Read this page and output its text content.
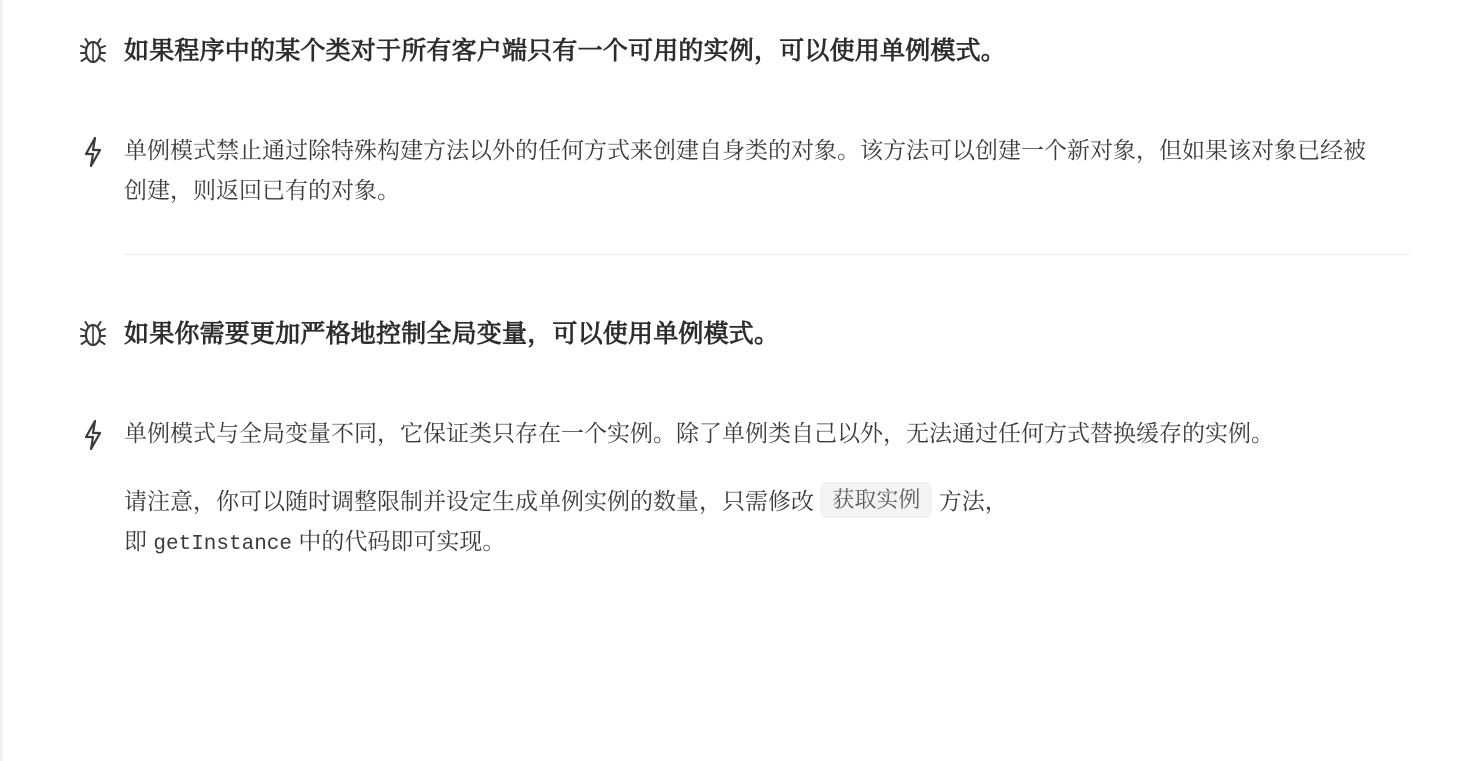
如果程序中的某个类对于所有客户端只有一个可用的实例，可以使用单例模式。
单例模式禁止通过除特殊构建方法以外的任何方式来创建自身类的对象。该方法可以创建一个新对象，但如果该对象已经被创建，则返回已有的对象。
如果你需要更加严格地控制全局变量，可以使用单例模式。
单例模式与全局变量不同，它保证类只存在一个实例。除了单例类自己以外，无法通过任何方式替换缓存的实例。
请注意，你可以随时调整限制并设定生成单例实例的数量，只需修改 获取实例 方法，
即 getInstance 中的代码即可实现。
